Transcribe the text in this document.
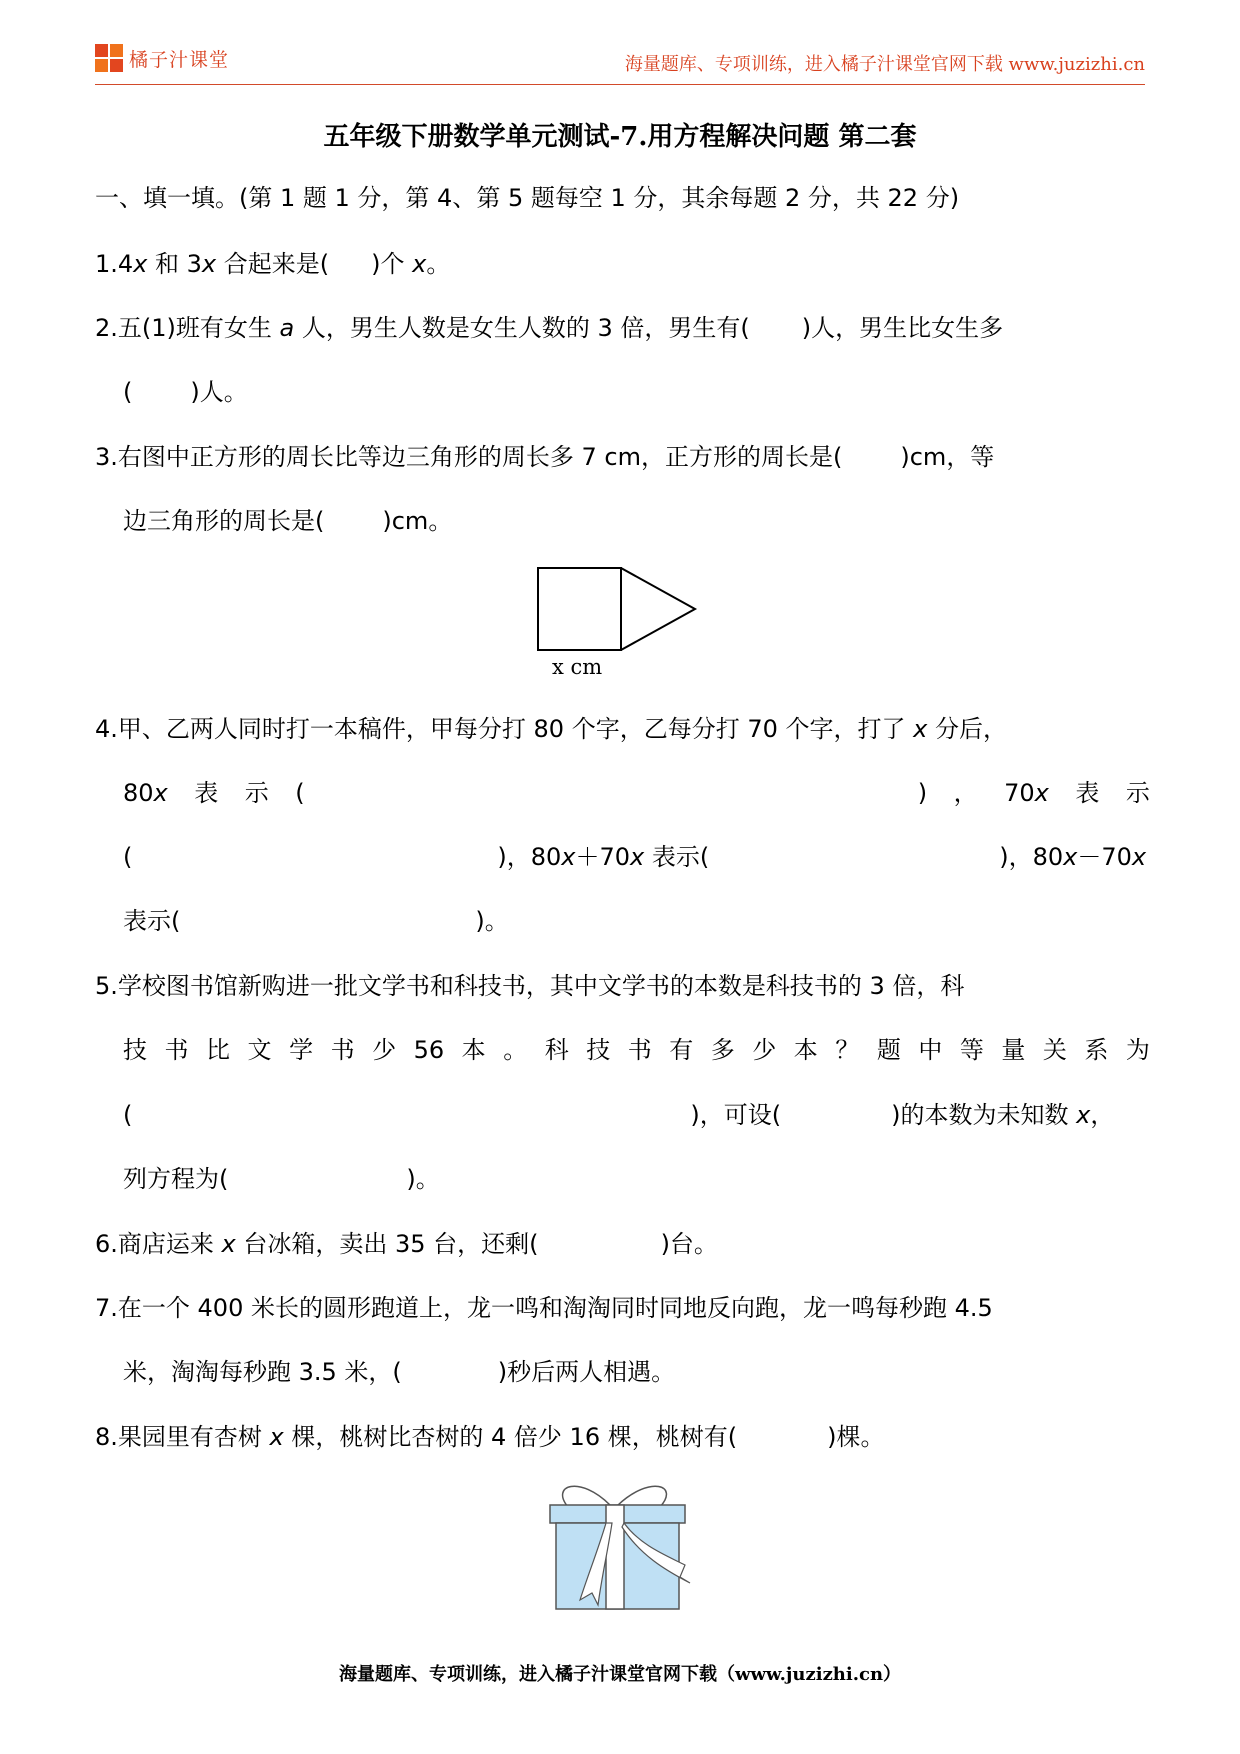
橘子汁课堂	海量题库、专项训练，进入橘子汁课堂官网下载 www.juzizhi.cn
五年级下册数学单元测试-7.用方程解决问题 第二套
一、填一填。(第 1 题 1 分，第 4、第 5 题每空 1 分，其余每题 2 分，共 22 分)
1.4x 和 3x 合起来是( )个 x。
2.五(1)班有女生 a 人，男生人数是女生人数的 3 倍，男生有( )人，男生比女生多
( )人。
3.右图中正方形的周长比等边三角形的周长多 7 cm，正方形的周长是( )cm，等
边三角形的周长是( )cm。
x cm
4.甲、乙两人同时打一本稿件，甲每分打 80 个字，乙每分打 70 个字，打了 x 分后，
80x 表 示 (	) ， 70x 表 示
(	)，80x＋70x 表示(	)，80x－70x
表示(	)。
5.学校图书馆新购进一批文学书和科技书，其中文学书的本数是科技书的 3 倍，科
技 书 比 文 学 书 少 56 本 。 科 技 书 有 多 少 本 ？ 题 中 等 量 关 系 为
(	)，可设(	)的本数为未知数 x，
列方程为(	)。
6.商店运来 x 台冰箱，卖出 35 台，还剩(	)台。
7.在一个 400 米长的圆形跑道上，龙一鸣和淘淘同时同地反向跑，龙一鸣每秒跑 4.5
米，淘淘每秒跑 3.5 米，(	)秒后两人相遇。
8.果园里有杏树 x 棵，桃树比杏树的 4 倍少 16 棵，桃树有(	)棵。
海量题库、专项训练，进入橘子汁课堂官网下载（www.juzizhi.cn）
